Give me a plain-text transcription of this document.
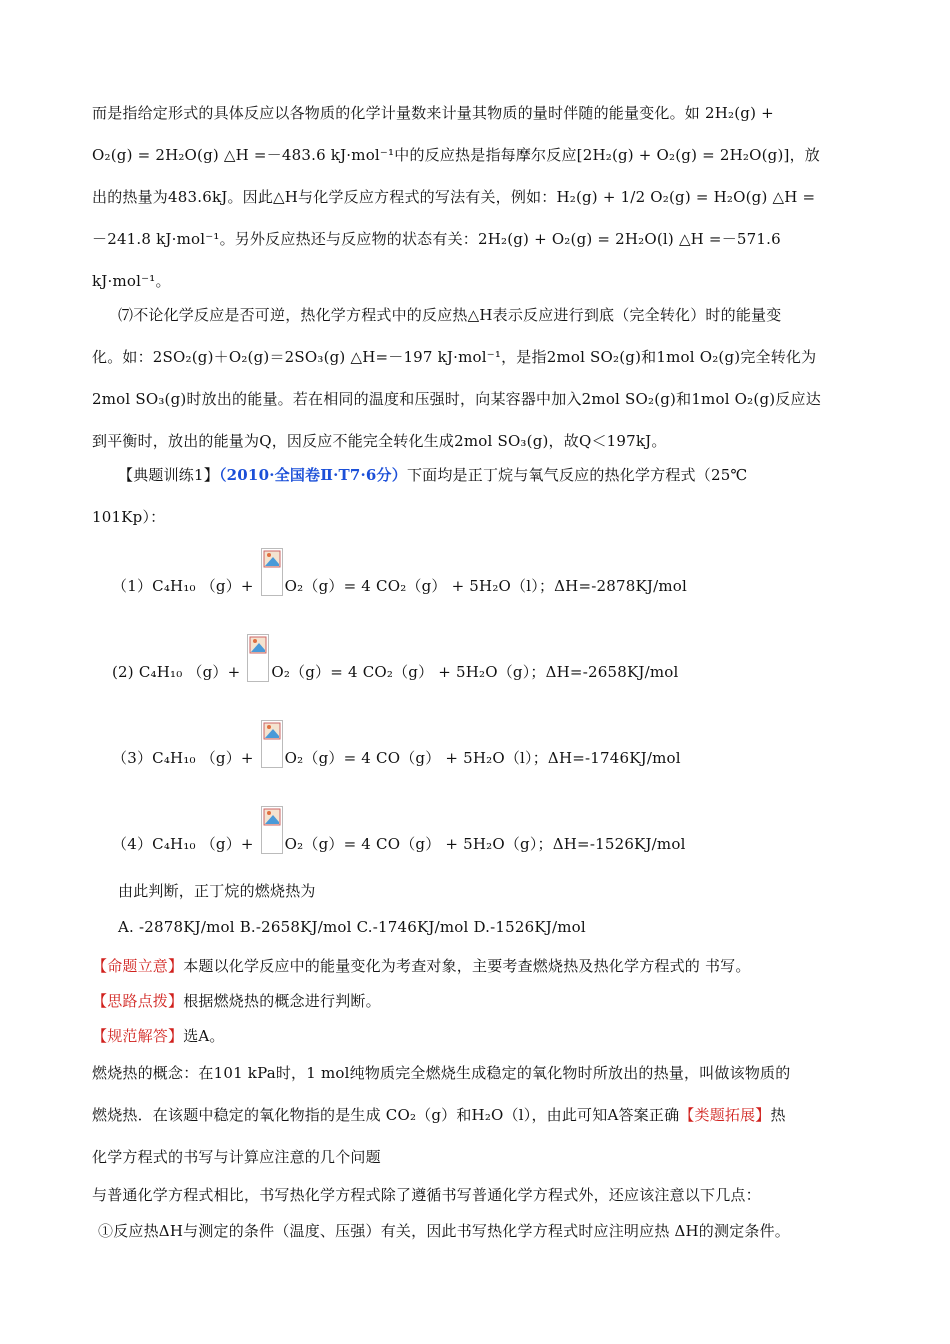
而是指给定形式的具体反应以各物质的化学计量数来计量其物质的量时伴随的能量变化。如 2H₂(g) +
O₂(g) = 2H₂O(g) △H =－483.6 kJ·mol⁻¹中的反应热是指每摩尔反应[2H₂(g) + O₂(g) = 2H₂O(g)]，放
出的热量为483.6kJ。因此△H与化学反应方程式的写法有关，例如：H₂(g) + 1/2 O₂(g) = H₂O(g) △H =
－241.8 kJ·mol⁻¹。另外反应热还与反应物的状态有关：2H₂(g) + O₂(g) = 2H₂O(l) △H =－571.6
kJ·mol⁻¹。
⑺不论化学反应是否可逆，热化学方程式中的反应热△H表示反应进行到底（完全转化）时的能量变
化。如：2SO₂(g)＋O₂(g)＝2SO₃(g) △H=－197 kJ·mol⁻¹，是指2mol SO₂(g)和1mol O₂(g)完全转化为
2mol SO₃(g)时放出的能量。若在相同的温度和压强时，向某容器中加入2mol SO₂(g)和1mol O₂(g)反应达
到平衡时，放出的能量为Q，因反应不能完全转化生成2mol SO₃(g)，故Q＜197kJ。
【典题训练1】（2010·全国卷Ⅱ·T7·6分）下面均是正丁烷与氧气反应的热化学方程式（25℃
101Kp）：
（1）C₄H₁₀ （g）+
O₂（g）= 4 CO₂（g） + 5H₂O（l）；ΔH=-2878KJ/mol
(2) C₄H₁₀ （g）+
O₂（g）= 4 CO₂（g） + 5H₂O（g）；ΔH=-2658KJ/mol
（3）C₄H₁₀ （g）+
O₂（g）= 4 CO（g） + 5H₂O（l）；ΔH=-1746KJ/mol
（4）C₄H₁₀ （g）+
O₂（g）= 4 CO（g） + 5H₂O（g）；ΔH=-1526KJ/mol
由此判断，正丁烷的燃烧热为
A. -2878KJ/mol B.-2658KJ/mol C.-1746KJ/mol D.-1526KJ/mol
【命题立意】本题以化学反应中的能量变化为考查对象，主要考查燃烧热及热化学方程式的 书写。
【思路点拨】根据燃烧热的概念进行判断。
【规范解答】选A。
燃烧热的概念：在101 kPa时，1 mol纯物质完全燃烧生成稳定的氧化物时所放出的热量，叫做该物质的
燃烧热．在该题中稳定的氧化物指的是生成 CO₂（g）和H₂O（l），由此可知A答案正确【类题拓展】热
化学方程式的书写与计算应注意的几个问题
与普通化学方程式相比，书写热化学方程式除了遵循书写普通化学方程式外，还应该注意以下几点：
①反应热ΔH与测定的条件（温度、压强）有关，因此书写热化学方程式时应注明应热 ΔH的测定条件。
